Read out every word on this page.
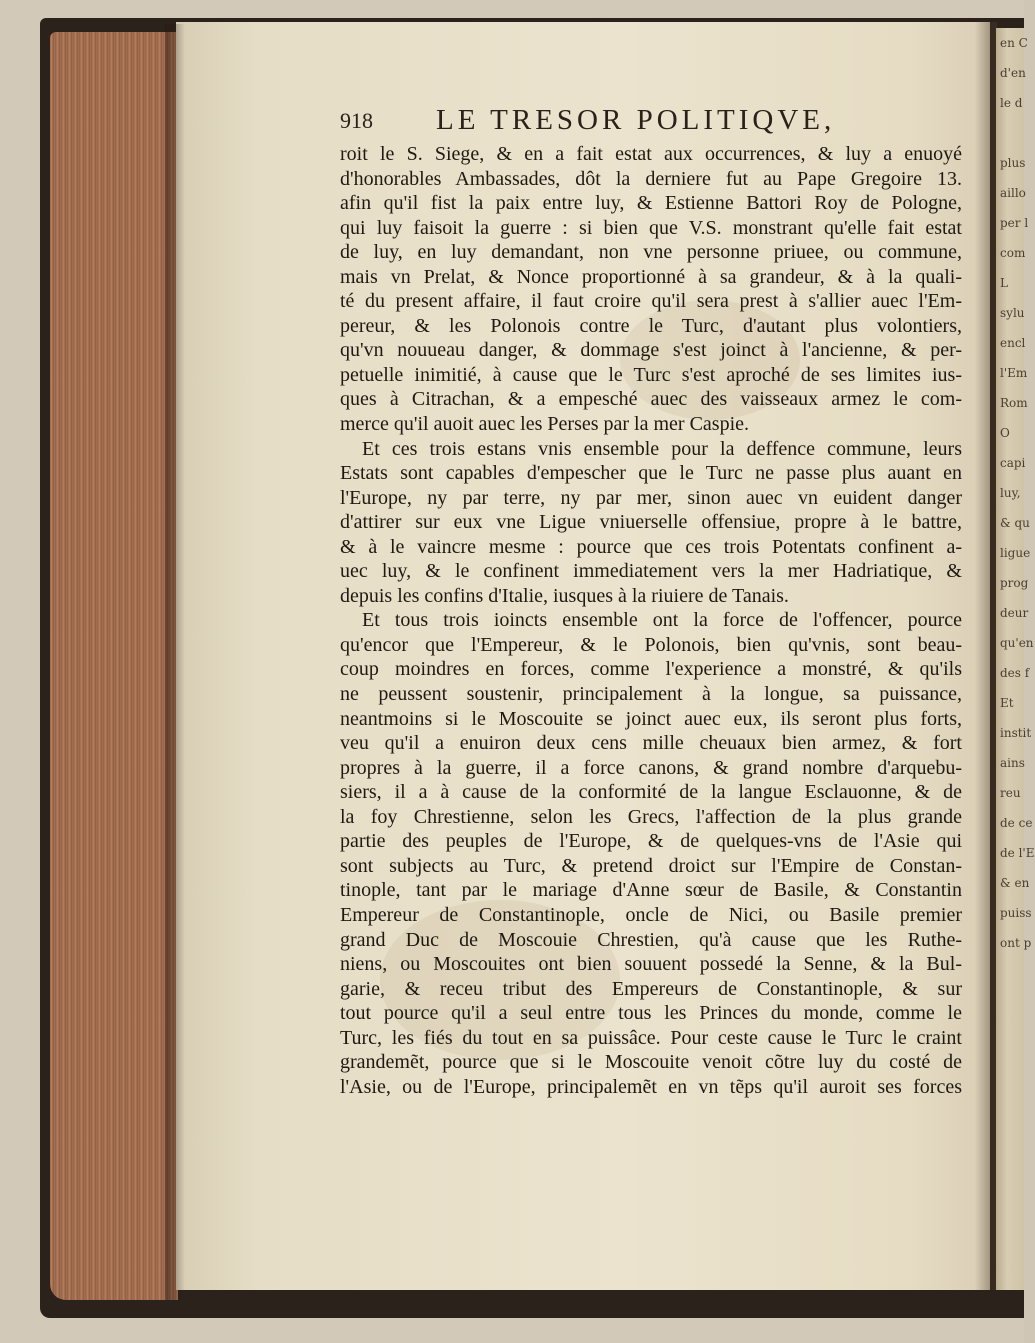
en C
d'en
le d

plus
aillo
per l
com
L
sylu
encl
l'Em
Rom
O
capi
luy,
& qu
ligue
prog
deur
qu'en
des f
Et
instit
ains
reu
de ce
de l'E
& en
puiss
ont p
918 LE TRESOR POLITIQVE,
roit le S. Siege, & en a fait estat aux occurrences, & luy a enuoyé
d'honorables Ambassades, dôt la derniere fut au Pape Gregoire 13.
afin qu'il fist la paix entre luy, & Estienne Battori Roy de Pologne,
qui luy faisoit la guerre : si bien que V.S. monstrant qu'elle fait estat
de luy, en luy demandant, non vne personne priuee, ou commune,
mais vn Prelat, & Nonce proportionné à sa grandeur, & à la quali-
té du present affaire, il faut croire qu'il sera prest à s'allier auec l'Em-
pereur, & les Polonois contre le Turc, d'autant plus volontiers,
qu'vn nouueau danger, & dommage s'est joinct à l'ancienne, & per-
petuelle inimitié, à cause que le Turc s'est aproché de ses limites ius-
ques à Citrachan, & a empesché auec des vaisseaux armez le com-
merce qu'il auoit auec les Perses par la mer Caspie.
Et ces trois estans vnis ensemble pour la deffence commune, leurs
Estats sont capables d'empescher que le Turc ne passe plus auant en
l'Europe, ny par terre, ny par mer, sinon auec vn euident danger
d'attirer sur eux vne Ligue vniuerselle offensiue, propre à le battre,
& à le vaincre mesme : pource que ces trois Potentats confinent a-
uec luy, & le confinent immediatement vers la mer Hadriatique, &
depuis les confins d'Italie, iusques à la riuiere de Tanais.
Et tous trois ioincts ensemble ont la force de l'offencer, pource
qu'encor que l'Empereur, & le Polonois, bien qu'vnis, sont beau-
coup moindres en forces, comme l'experience a monstré, & qu'ils
ne peussent soustenir, principalement à la longue, sa puissance,
neantmoins si le Moscouite se joinct auec eux, ils seront plus forts,
veu qu'il a enuiron deux cens mille cheuaux bien armez, & fort
propres à la guerre, il a force canons, & grand nombre d'arquebu-
siers, il a à cause de la conformité de la langue Esclauonne, & de
la foy Chrestienne, selon les Grecs, l'affection de la plus grande
partie des peuples de l'Europe, & de quelques-vns de l'Asie qui
sont subjects au Turc, & pretend droict sur l'Empire de Constan-
tinople, tant par le mariage d'Anne sœur de Basile, & Constantin
Empereur de Constantinople, oncle de Nici, ou Basile premier
grand Duc de Moscouie Chrestien, qu'à cause que les Ruthe-
niens, ou Moscouites ont bien souuent possedé la Senne, & la Bul-
garie, & receu tribut des Empereurs de Constantinople, & sur
tout pource qu'il a seul entre tous les Princes du monde, comme le
Turc, les fiés du tout en sa puissâce. Pour ceste cause le Turc le craint
grandemẽt, pource que si le Moscouite venoit cõtre luy du costé de
l'Asie, ou de l'Europe, principalemẽt en vn tẽps qu'il auroit ses forces
